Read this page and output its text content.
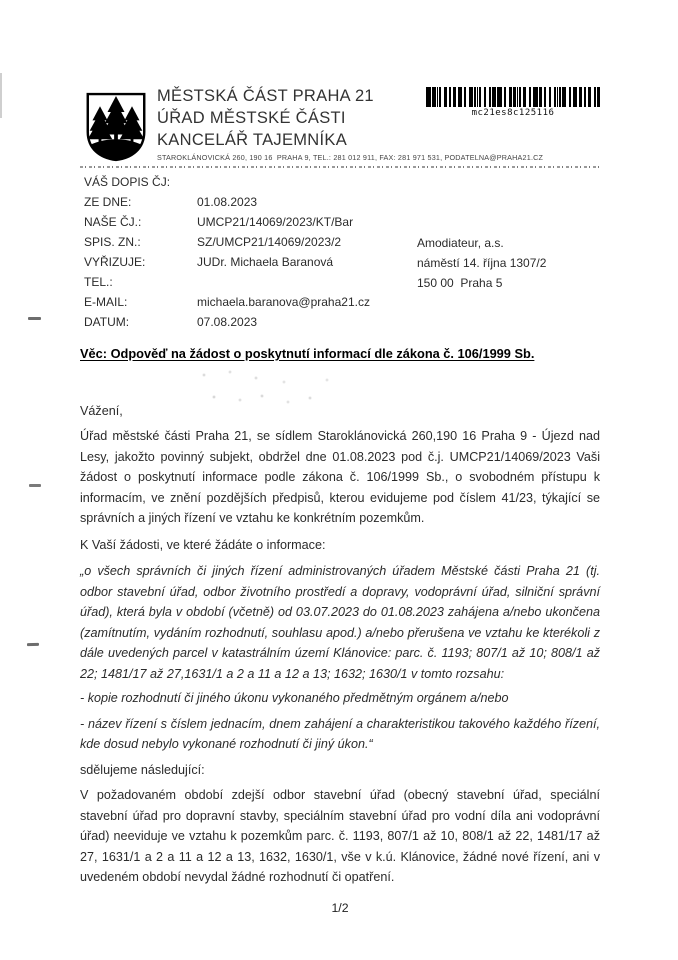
MĚSTSKÁ ČÁST PRAHA 21
ÚŘAD MĚSTSKÉ ČÁSTI
KANCELÁŘ TAJEMNÍKA
STAROKLÁNOVICKÁ 260, 190 16  PRAHA 9, TEL.: 281 012 911, FAX: 281 971 531, PODATELNA@PRAHA21.CZ
mc21es8c125116
VÁŠ DOPIS ČJ:
ZE DNE:	01.08.2023
NAŠE ČJ.:	UMCP21/14069/2023/KT/Bar
SPIS. ZN.:	SZ/UMCP21/14069/2023/2
VYŘIZUJE:	JUDr. Michaela Baranová
TEL.:
E-MAIL:	michaela.baranova@praha21.cz
DATUM:	07.08.2023
Amodiateur, a.s.
náměstí 14. října 1307/2
150 00  Praha 5
Věc: Odpověď na žádost o poskytnutí informací dle zákona č. 106/1999 Sb.
Vážení,
Úřad městské části Praha 21, se sídlem Staroklánovická 260,190 16 Praha 9 - Újezd nad Lesy, jakožto povinný subjekt, obdržel dne 01.08.2023 pod č.j. UMCP21/14069/2023 Vaši žádost o poskytnutí informace podle zákona č. 106/1999 Sb., o svobodném přístupu k informacím, ve znění pozdějších předpisů, kterou evidujeme pod číslem 41/23, týkající se správních a jiných řízení ve vztahu ke konkrétním pozemkům.
K Vaší žádosti, ve které žádáte o informace:
„o všech správních či jiných řízení administrovaných úřadem Městské části Praha 21 (tj. odbor stavební úřad, odbor životního prostředí a dopravy, vodoprávní úřad, silniční správní úřad), která byla v období (včetně) od 03.07.2023 do 01.08.2023 zahájena a/nebo ukončena (zamítnutím, vydáním rozhodnutí, souhlasu apod.) a/nebo přerušena ve vztahu ke kterékoli z dále uvedených parcel v katastrálním území Klánovice: parc. č. 1193; 807/1 až 10; 808/1 až 22; 1481/17 až 27,1631/1 a 2 a 11 a 12 a 13; 1632; 1630/1 v tomto rozsahu:
- kopie rozhodnutí či jiného úkonu vykonaného předmětným orgánem a/nebo
- název řízení s číslem jednacím, dnem zahájení a charakteristikou takového každého řízení, kde dosud nebylo vykonané rozhodnutí či jiný úkon.“
sdělujeme následující:
V požadovaném období zdejší odbor stavební úřad (obecný stavební úřad, speciální stavební úřad pro dopravní stavby, speciálním stavební úřad pro vodní díla ani vodoprávní úřad) neeviduje ve vztahu k pozemkům parc. č. 1193, 807/1 až 10, 808/1 až 22, 1481/17 až 27, 1631/1 a 2 a 11 a 12 a 13, 1632, 1630/1, vše v k.ú. Klánovice, žádné nové řízení, ani v uvedeném období nevydal žádné rozhodnutí či opatření.
1/2
